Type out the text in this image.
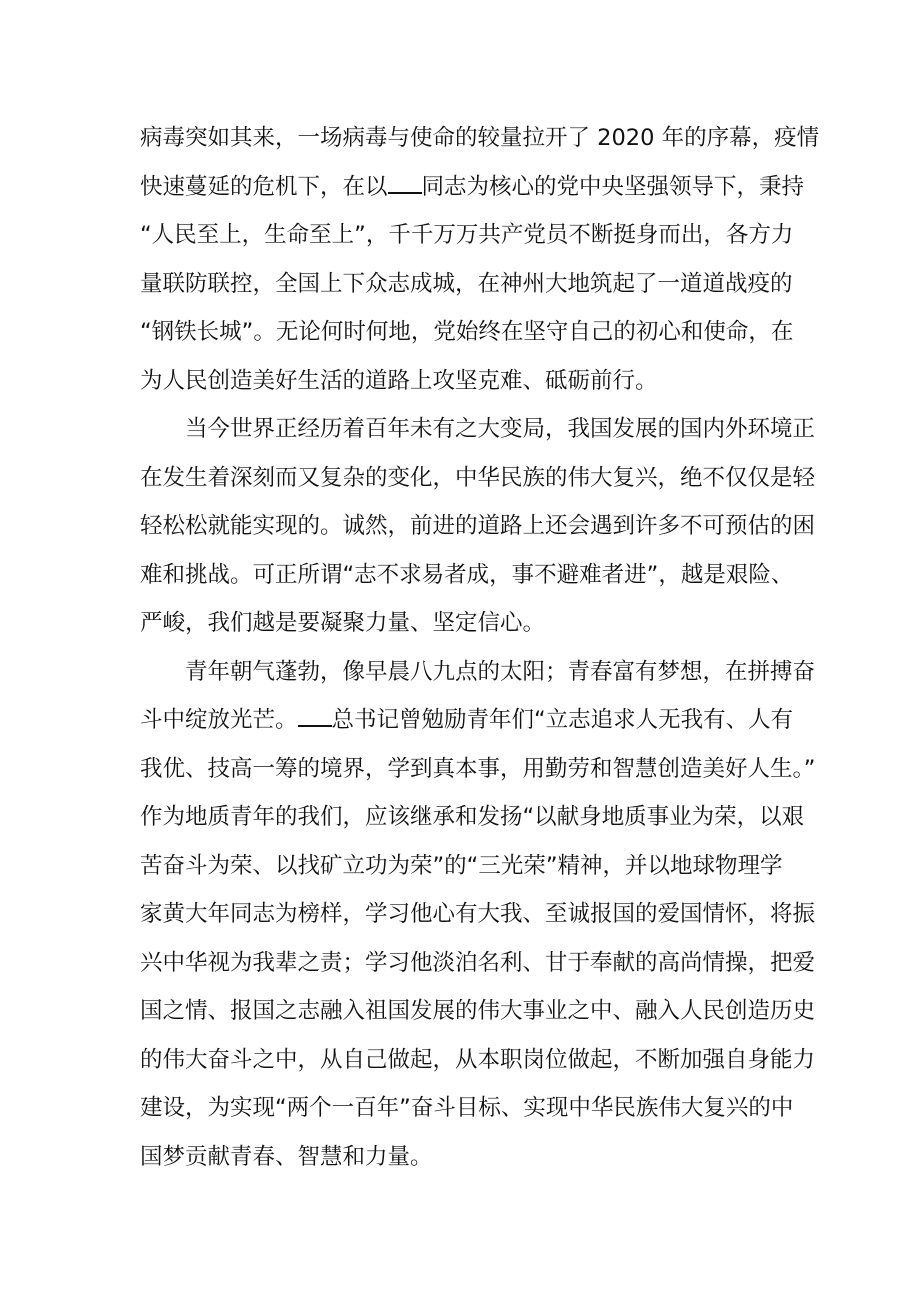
病毒突如其来，一场病毒与使命的较量拉开了 2020 年的序幕，疫情
快速蔓延的危机下，在以 同志为核心的党中央坚强领导下，秉持
“人民至上，生命至上”，千千万万共产党员不断挺身而出，各方力
量联防联控，全国上下众志成城，在神州大地筑起了一道道战疫的
“钢铁长城”。无论何时何地，党始终在坚守自己的初心和使命，在
为人民创造美好生活的道路上攻坚克难、砥砺前行。

当今世界正经历着百年未有之大变局，我国发展的国内外环境正
在发生着深刻而又复杂的变化，中华民族的伟大复兴，绝不仅仅是轻
轻松松就能实现的。诚然，前进的道路上还会遇到许多不可预估的困
难和挑战。可正所谓“志不求易者成，事不避难者进”，越是艰险、
严峻，我们越是要凝聚力量、坚定信心。

青年朝气蓬勃，像早晨八九点的太阳；青春富有梦想，在拼搏奋
斗中绽放光芒。 总书记曾勉励青年们“立志追求人无我有、人有
我优、技高一筹的境界，学到真本事，用勤劳和智慧创造美好人生。”
作为地质青年的我们，应该继承和发扬“以献身地质事业为荣，以艰
苦奋斗为荣、以找矿立功为荣”的“三光荣”精神，并以地球物理学
家黄大年同志为榜样，学习他心有大我、至诚报国的爱国情怀，将振
兴中华视为我辈之责；学习他淡泊名利、甘于奉献的高尚情操，把爱
国之情、报国之志融入祖国发展的伟大事业之中、融入人民创造历史
的伟大奋斗之中，从自己做起，从本职岗位做起，不断加强自身能力
建设，为实现“两个一百年”奋斗目标、实现中华民族伟大复兴的中
国梦贡献青春、智慧和力量。
